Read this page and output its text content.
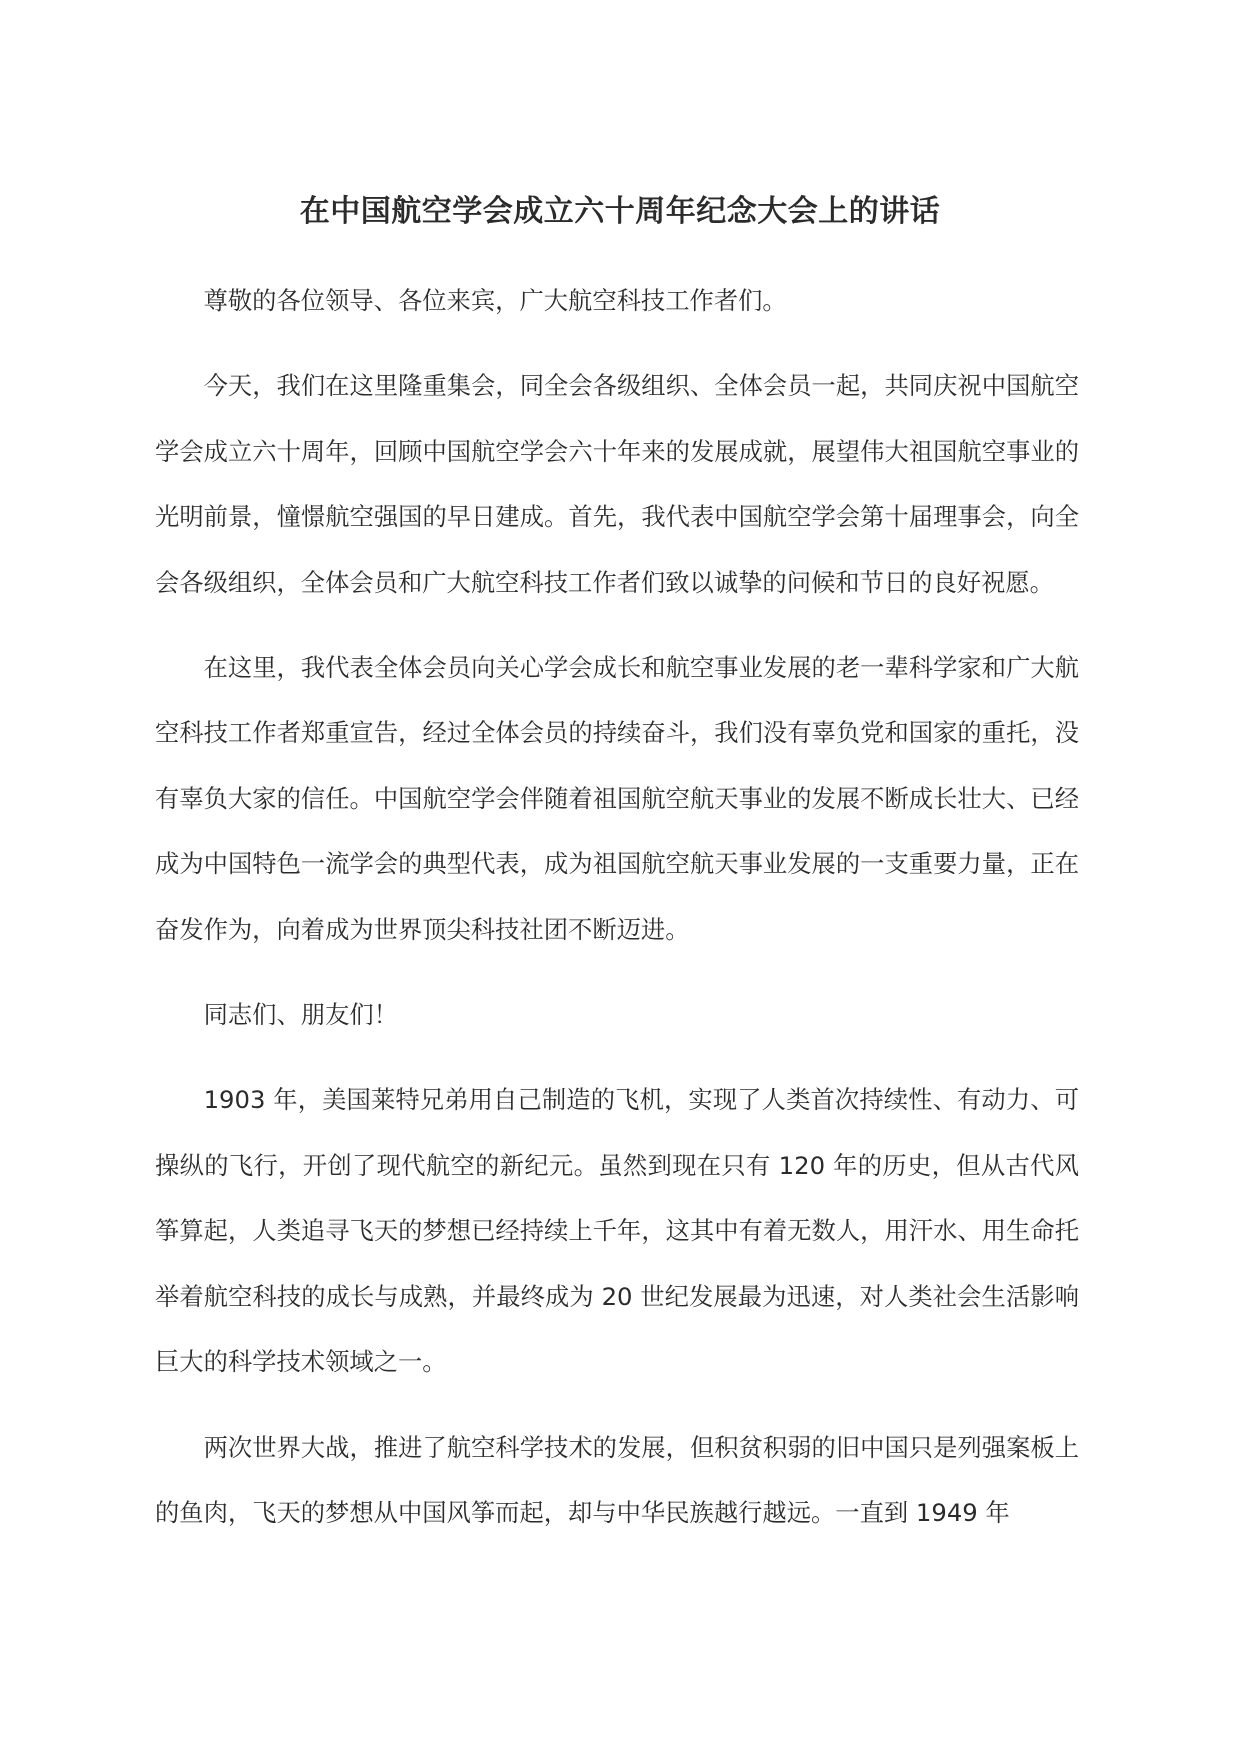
在中国航空学会成立六十周年纪念大会上的讲话

尊敬的各位领导、各位来宾，广大航空科技工作者们。

今天，我们在这里隆重集会，同全会各级组织、全体会员一起，共同庆祝中国航空学会成立六十周年，回顾中国航空学会六十年来的发展成就，展望伟大祖国航空事业的光明前景，憧憬航空强国的早日建成。首先，我代表中国航空学会第十届理事会，向全会各级组织，全体会员和广大航空科技工作者们致以诚挚的问候和节日的良好祝愿。

在这里，我代表全体会员向关心学会成长和航空事业发展的老一辈科学家和广大航空科技工作者郑重宣告，经过全体会员的持续奋斗，我们没有辜负党和国家的重托，没有辜负大家的信任。中国航空学会伴随着祖国航空航天事业的发展不断成长壮大、已经成为中国特色一流学会的典型代表，成为祖国航空航天事业发展的一支重要力量，正在奋发作为，向着成为世界顶尖科技社团不断迈进。

同志们、朋友们！

1903 年，美国莱特兄弟用自己制造的飞机，实现了人类首次持续性、有动力、可操纵的飞行，开创了现代航空的新纪元。虽然到现在只有 120 年的历史，但从古代风筝算起，人类追寻飞天的梦想已经持续上千年，这其中有着无数人，用汗水、用生命托举着航空科技的成长与成熟，并最终成为 20 世纪发展最为迅速，对人类社会生活影响巨大的科学技术领域之一。

两次世界大战，推进了航空科学技术的发展，但积贫积弱的旧中国只是列强案板上的鱼肉，飞天的梦想从中国风筝而起，却与中华民族越行越远。一直到 1949 年
